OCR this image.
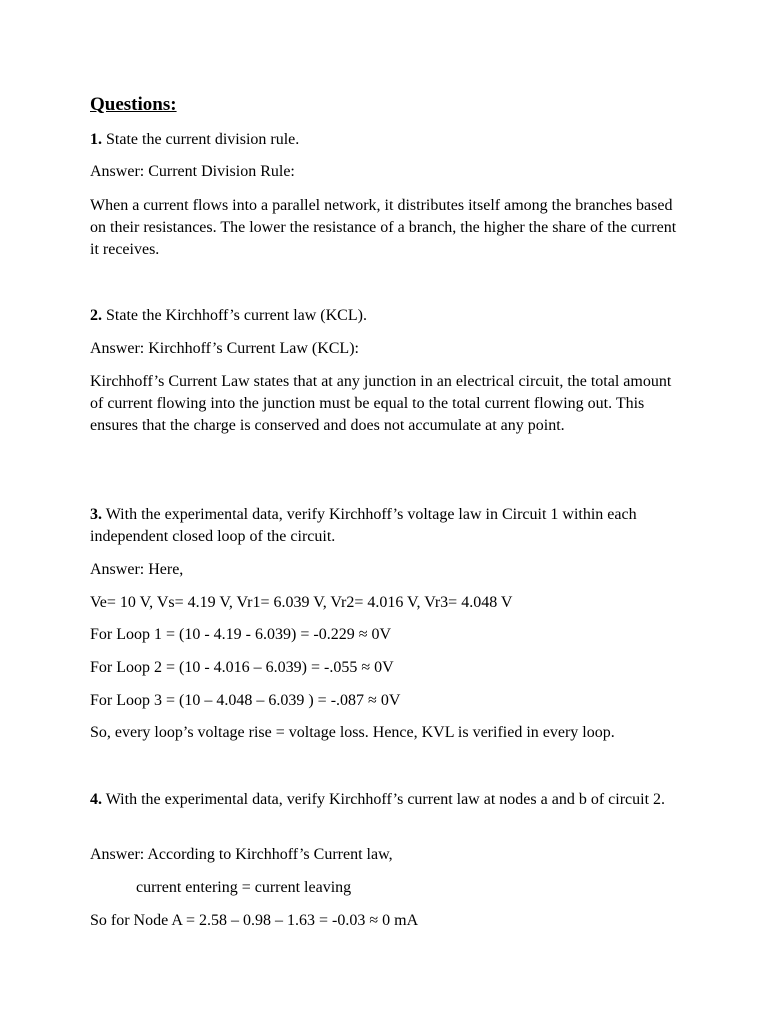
Questions:
1. State the current division rule.
Answer: Current Division Rule:
When a current flows into a parallel network, it distributes itself among the branches based on their resistances. The lower the resistance of a branch, the higher the share of the current it receives.
2. State the Kirchhoff’s current law (KCL).
Answer: Kirchhoff’s Current Law (KCL):
Kirchhoff’s Current Law states that at any junction in an electrical circuit, the total amount of current flowing into the junction must be equal to the total current flowing out. This ensures that the charge is conserved and does not accumulate at any point.
3. With the experimental data, verify Kirchhoff’s voltage law in Circuit 1 within each independent closed loop of the circuit.
Answer: Here,
Ve= 10 V, Vs= 4.19 V, Vr1= 6.039 V, Vr2= 4.016 V, Vr3= 4.048 V
For Loop 1 = (10 - 4.19 - 6.039) = -0.229 ≈ 0V
For Loop 2 = (10 - 4.016 – 6.039) = -.055 ≈ 0V
For Loop 3 = (10 – 4.048 – 6.039 ) = -.087 ≈ 0V
So, every loop’s voltage rise = voltage loss. Hence, KVL is verified in every loop.
4. With the experimental data, verify Kirchhoff’s current law at nodes a and b of circuit 2.
Answer: According to Kirchhoff’s Current law,
current entering = current leaving
So for Node A = 2.58 – 0.98 – 1.63 = -0.03 ≈ 0 mA
